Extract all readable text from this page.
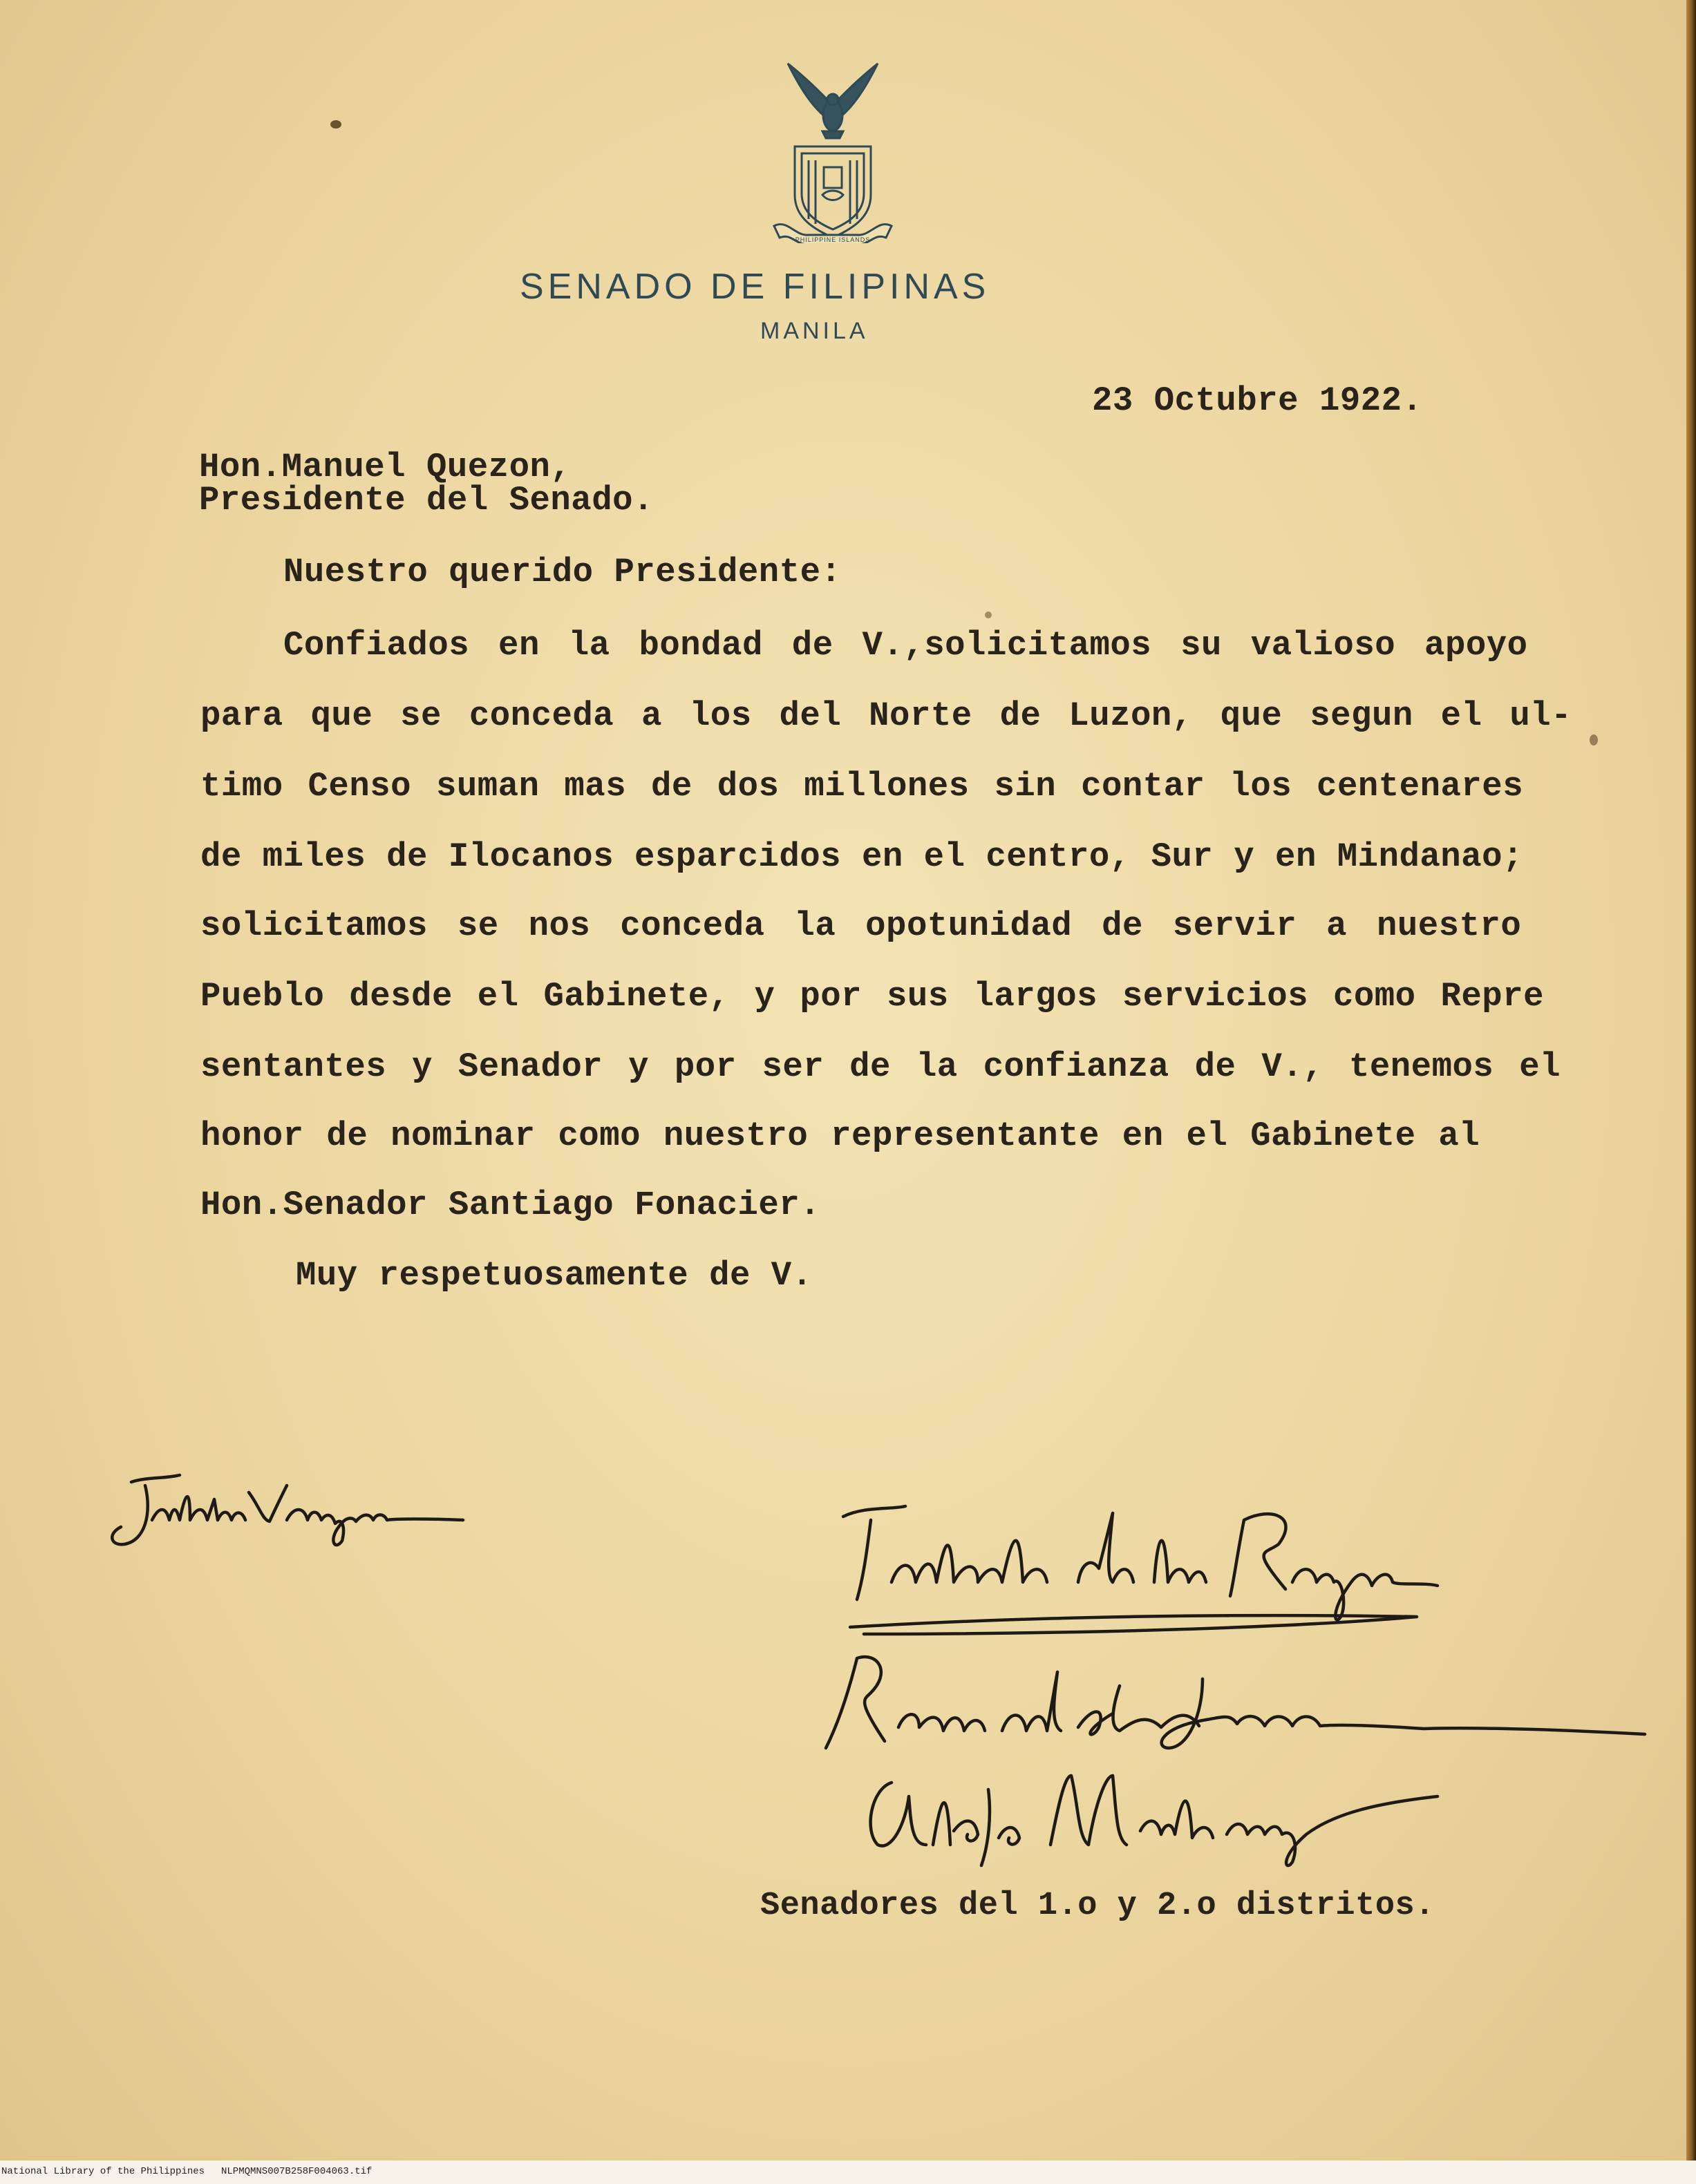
PHILIPPINE ISLANDS
SENADO DE FILIPINAS
MANILA
23 Octubre 1922.
Hon.Manuel Quezon,
Presidente del Senado.
Nuestro querido Presidente:
Confiados en la bondad de V.,solicitamos su valioso apoyo
para que se conceda a los del Norte de Luzon, que segun el ul-
timo Censo suman mas de dos millones sin contar los centenares
de miles de Ilocanos esparcidos en el centro, Sur y en Mindanao;
solicitamos se nos conceda la opotunidad de servir a nuestro
Pueblo desde el Gabinete, y por sus largos servicios como Repre
sentantes y Senador y por ser de la confianza de V., tenemos el
honor de nominar como nuestro representante en el Gabinete al
Hon.Senador Santiago Fonacier.
Muy respetuosamente de V.
Senadores del 1.o y 2.o distritos.
National Library of the Philippines NLPMQMNS007B258F004063.tif
